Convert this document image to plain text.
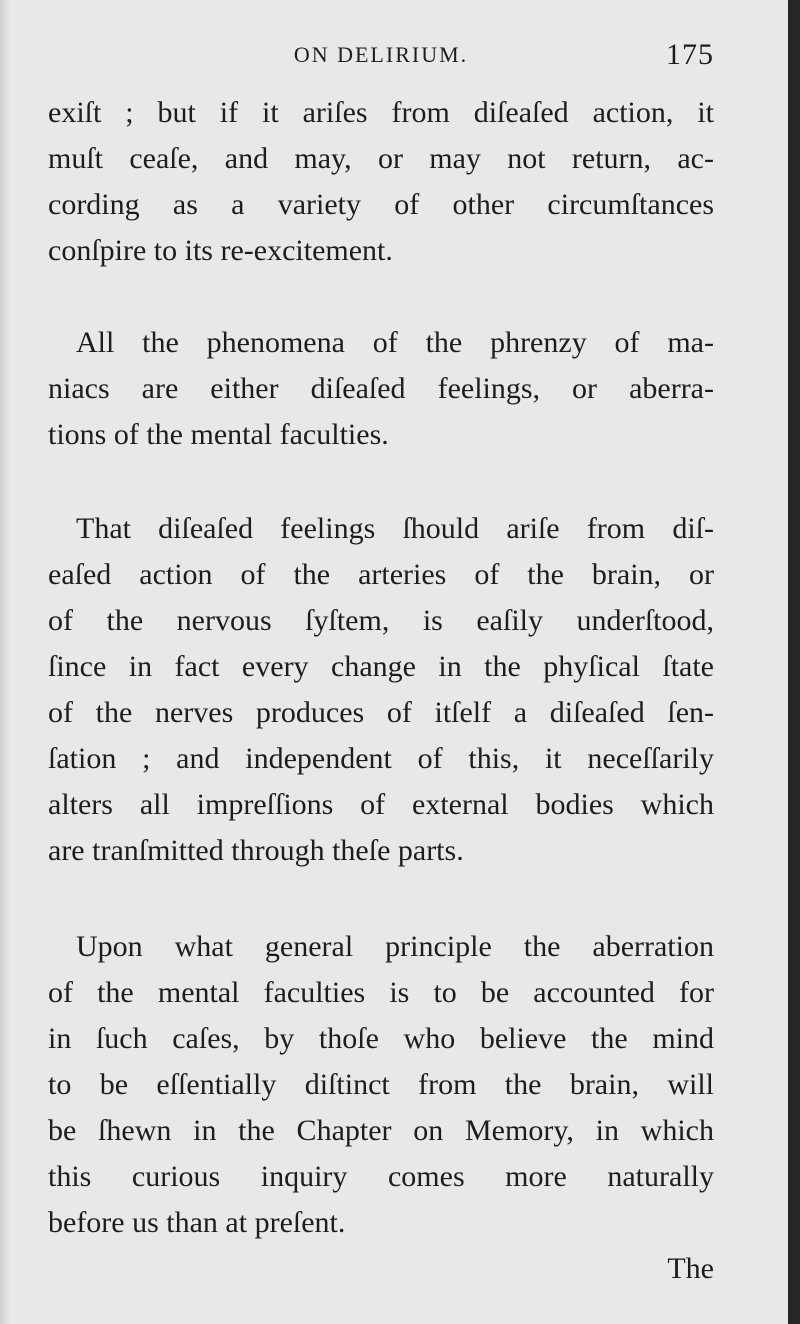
ON DELIRIUM.	175
exiſt ; but if it ariſes from diſeaſed action, it
muſt ceaſe, and may, or may not return, ac-
cording as a variety of other circumſtances
conſpire to its re-excitement.
All the phenomena of the phrenzy of ma-
niacs are either diſeaſed feelings, or aberra-
tions of the mental faculties.
That diſeaſed feelings ſhould ariſe from diſ-
eaſed action of the arteries of the brain, or
of the nervous ſyſtem, is eaſily underſtood,
ſince in fact every change in the phyſical ſtate
of the nerves produces of itſelf a diſeaſed ſen-
ſation ; and independent of this, it neceſſarily
alters all impreſſions of external bodies which
are tranſmitted through theſe parts.
Upon what general principle the aberration
of the mental faculties is to be accounted for
in ſuch caſes, by thoſe who believe the mind
to be eſſentially diſtinct from the brain, will
be ſhewn in the Chapter on Memory, in which
this curious inquiry comes more naturally
before us than at preſent.
The
